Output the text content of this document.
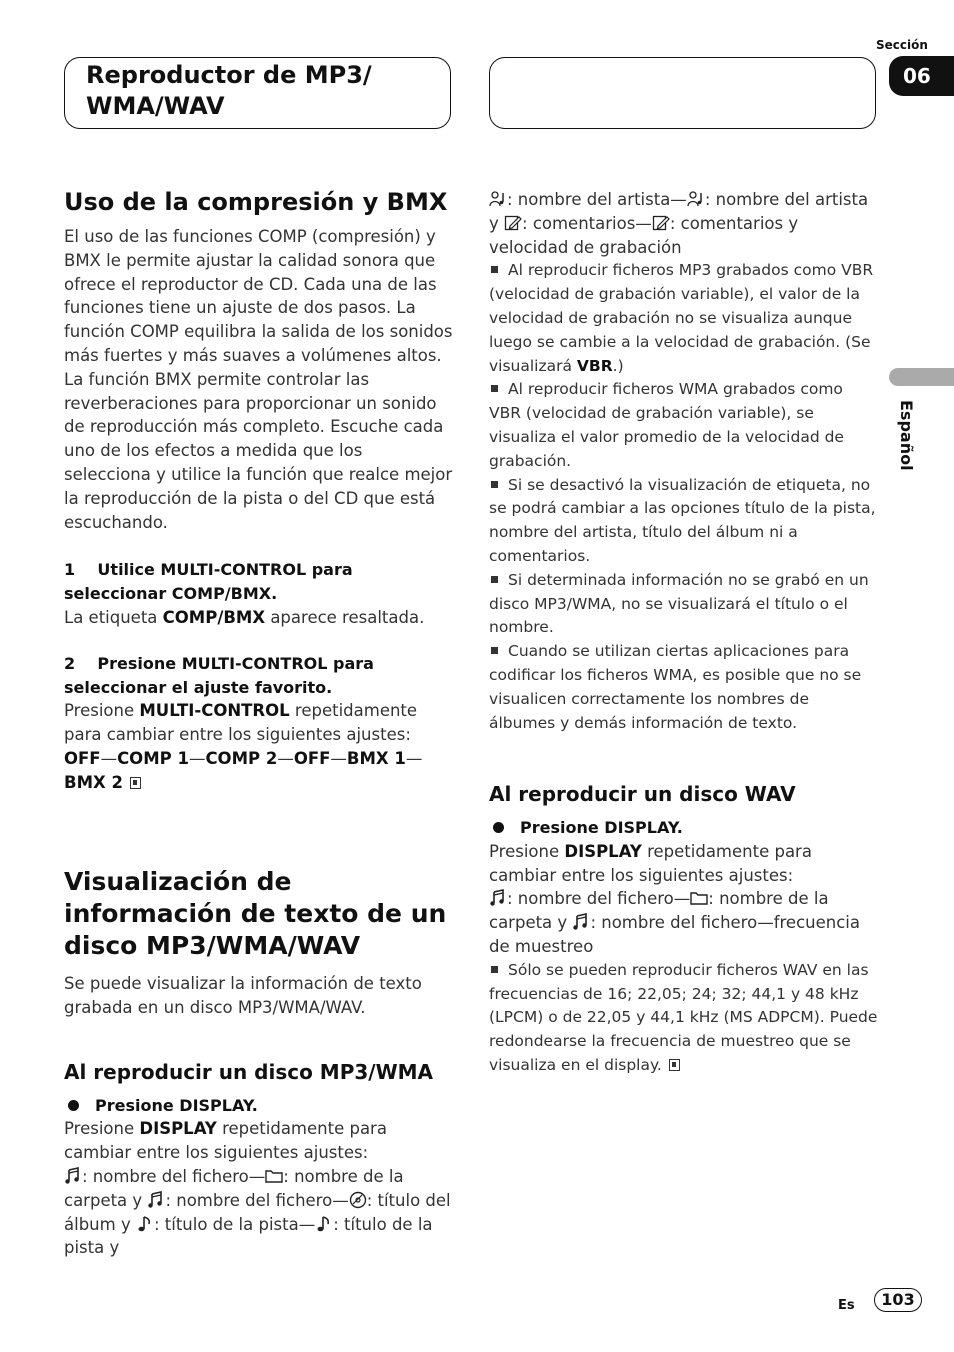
Reproductor de MP3/ WMA/WAV
Sección
06
Español
Uso de la compresión y BMX

El uso de las funciones COMP (compresión) y BMX le permite ajustar la calidad sonora que ofrece el reproductor de CD. Cada una de las funciones tiene un ajuste de dos pasos. La función COMP equilibra la salida de los sonidos más fuertes y más suaves a volúmenes altos. La función BMX permite controlar las reverberaciones para proporcionar un sonido de reproducción más completo. Escuche cada uno de los efectos a medida que los selecciona y utilice la función que realce mejor la reproducción de la pista o del CD que está escuchando.

1 Utilice MULTI-CONTROL para seleccionar COMP/BMX.

La etiqueta COMP/BMX aparece resaltada.

2 Presione MULTI-CONTROL para seleccionar el ajuste favorito.

Presione MULTI-CONTROL repetidamente para cambiar entre los siguientes ajustes:

OFF—COMP 1—COMP 2—OFF—BMX 1—
BMX 2

Visualización de información de texto de un disco MP3/WMA/WAV

Se puede visualizar la información de texto grabada en un disco MP3/WMA/WAV.

Al reproducir un disco MP3/WMA

Presione DISPLAY.

Presione DISPLAY repetidamente para cambiar entre los siguientes ajustes:

: nombre del fichero— : nombre de la carpeta y
: nombre del fichero— : título del álbum y
: título de la pista— : título de la pista y

: nombre del artista— : nombre del artista y
: comentarios— : comentarios y velocidad de grabación

Al reproducir ficheros MP3 grabados como VBR (velocidad de grabación variable), el valor de la velocidad de grabación no se visualiza aunque luego se cambie a la velocidad de grabación. (Se visualizará VBR.)

Al reproducir ficheros WMA grabados como VBR (velocidad de grabación variable), se visualiza el valor promedio de la velocidad de grabación.

Si se desactivó la visualización de etiqueta, no se podrá cambiar a las opciones título de la pista, nombre del artista, título del álbum ni a comentarios.

Si determinada información no se grabó en un disco MP3/WMA, no se visualizará el título o el nombre.

Cuando se utilizan ciertas aplicaciones para codificar los ficheros WMA, es posible que no se visualicen correctamente los nombres de álbumes y demás información de texto.

Al reproducir un disco WAV

Presione DISPLAY.

Presione DISPLAY repetidamente para cambiar entre los siguientes ajustes:

: nombre del fichero— : nombre de la carpeta y
: nombre del fichero—frecuencia de muestreo

Sólo se pueden reproducir ficheros WAV en las frecuencias de 16; 22,05; 24; 32; 44,1 y 48 kHz (LPCM) o de 22,05 y 44,1 kHz (MS ADPCM). Puede redondearse la frecuencia de muestreo que se visualiza en el display.

Es	103
